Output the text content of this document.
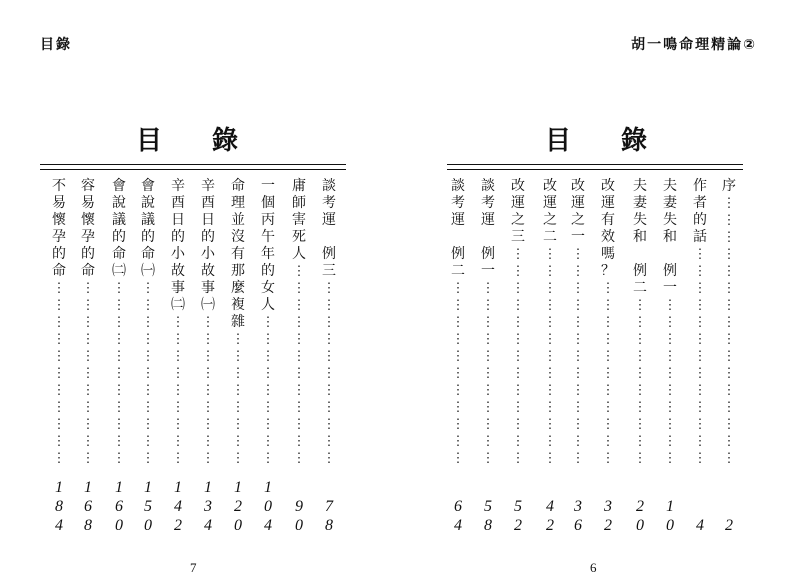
目錄
目 錄
談
考
運

例
三
⋮
⋮
⋮
⋮
⋮
⋮
⋮
⋮
⋮
⋮
⋮
7
8
庸
師
害
死
人
⋮
⋮
⋮
⋮
⋮
⋮
⋮
⋮
⋮
⋮
⋮
⋮
9
0
一
個
丙
午
年
的
女
人
⋮
⋮
⋮
⋮
⋮
⋮
⋮
⋮
⋮
1
0
4
命
理
並
沒
有
那
麼
複
雜
⋮
⋮
⋮
⋮
⋮
⋮
⋮
⋮
1
2
0
辛
酉
日
的
小
故
事
㈠
⋮
⋮
⋮
⋮
⋮
⋮
⋮
⋮
⋮
1
3
4
辛
酉
日
的
小
故
事
㈡
⋮
⋮
⋮
⋮
⋮
⋮
⋮
⋮
⋮
1
4
2
會
說
議
的
命
㈠
⋮
⋮
⋮
⋮
⋮
⋮
⋮
⋮
⋮
⋮
⋮
1
5
0
會
說
議
的
命
㈡
⋮
⋮
⋮
⋮
⋮
⋮
⋮
⋮
⋮
⋮
⋮
1
6
0
容
易
懷
孕
的
命
⋮
⋮
⋮
⋮
⋮
⋮
⋮
⋮
⋮
⋮
⋮
1
6
8
不
易
懷
孕
的
命
⋮
⋮
⋮
⋮
⋮
⋮
⋮
⋮
⋮
⋮
⋮
1
8
4
7
胡一鳴命理精論②
目 錄
序
⋮
⋮
⋮
⋮
⋮
⋮
⋮
⋮
⋮
⋮
⋮
⋮
⋮
⋮
⋮
⋮
2
作
者
的
話
⋮
⋮
⋮
⋮
⋮
⋮
⋮
⋮
⋮
⋮
⋮
⋮
⋮
4
夫
妻
失
和

例
一
⋮
⋮
⋮
⋮
⋮
⋮
⋮
⋮
⋮
⋮
1
0
夫
妻
失
和

例
二
⋮
⋮
⋮
⋮
⋮
⋮
⋮
⋮
⋮
⋮
2
0
改
運
有
效
嗎
？
⋮
⋮
⋮
⋮
⋮
⋮
⋮
⋮
⋮
⋮
⋮
3
2
改
運
之
一
⋮
⋮
⋮
⋮
⋮
⋮
⋮
⋮
⋮
⋮
⋮
⋮
⋮
3
6
改
運
之
二
⋮
⋮
⋮
⋮
⋮
⋮
⋮
⋮
⋮
⋮
⋮
⋮
⋮
4
2
改
運
之
三
⋮
⋮
⋮
⋮
⋮
⋮
⋮
⋮
⋮
⋮
⋮
⋮
⋮
5
2
談
考
運

例
一
⋮
⋮
⋮
⋮
⋮
⋮
⋮
⋮
⋮
⋮
⋮
5
8
談
考
運

例
二
⋮
⋮
⋮
⋮
⋮
⋮
⋮
⋮
⋮
⋮
⋮
6
4
6
